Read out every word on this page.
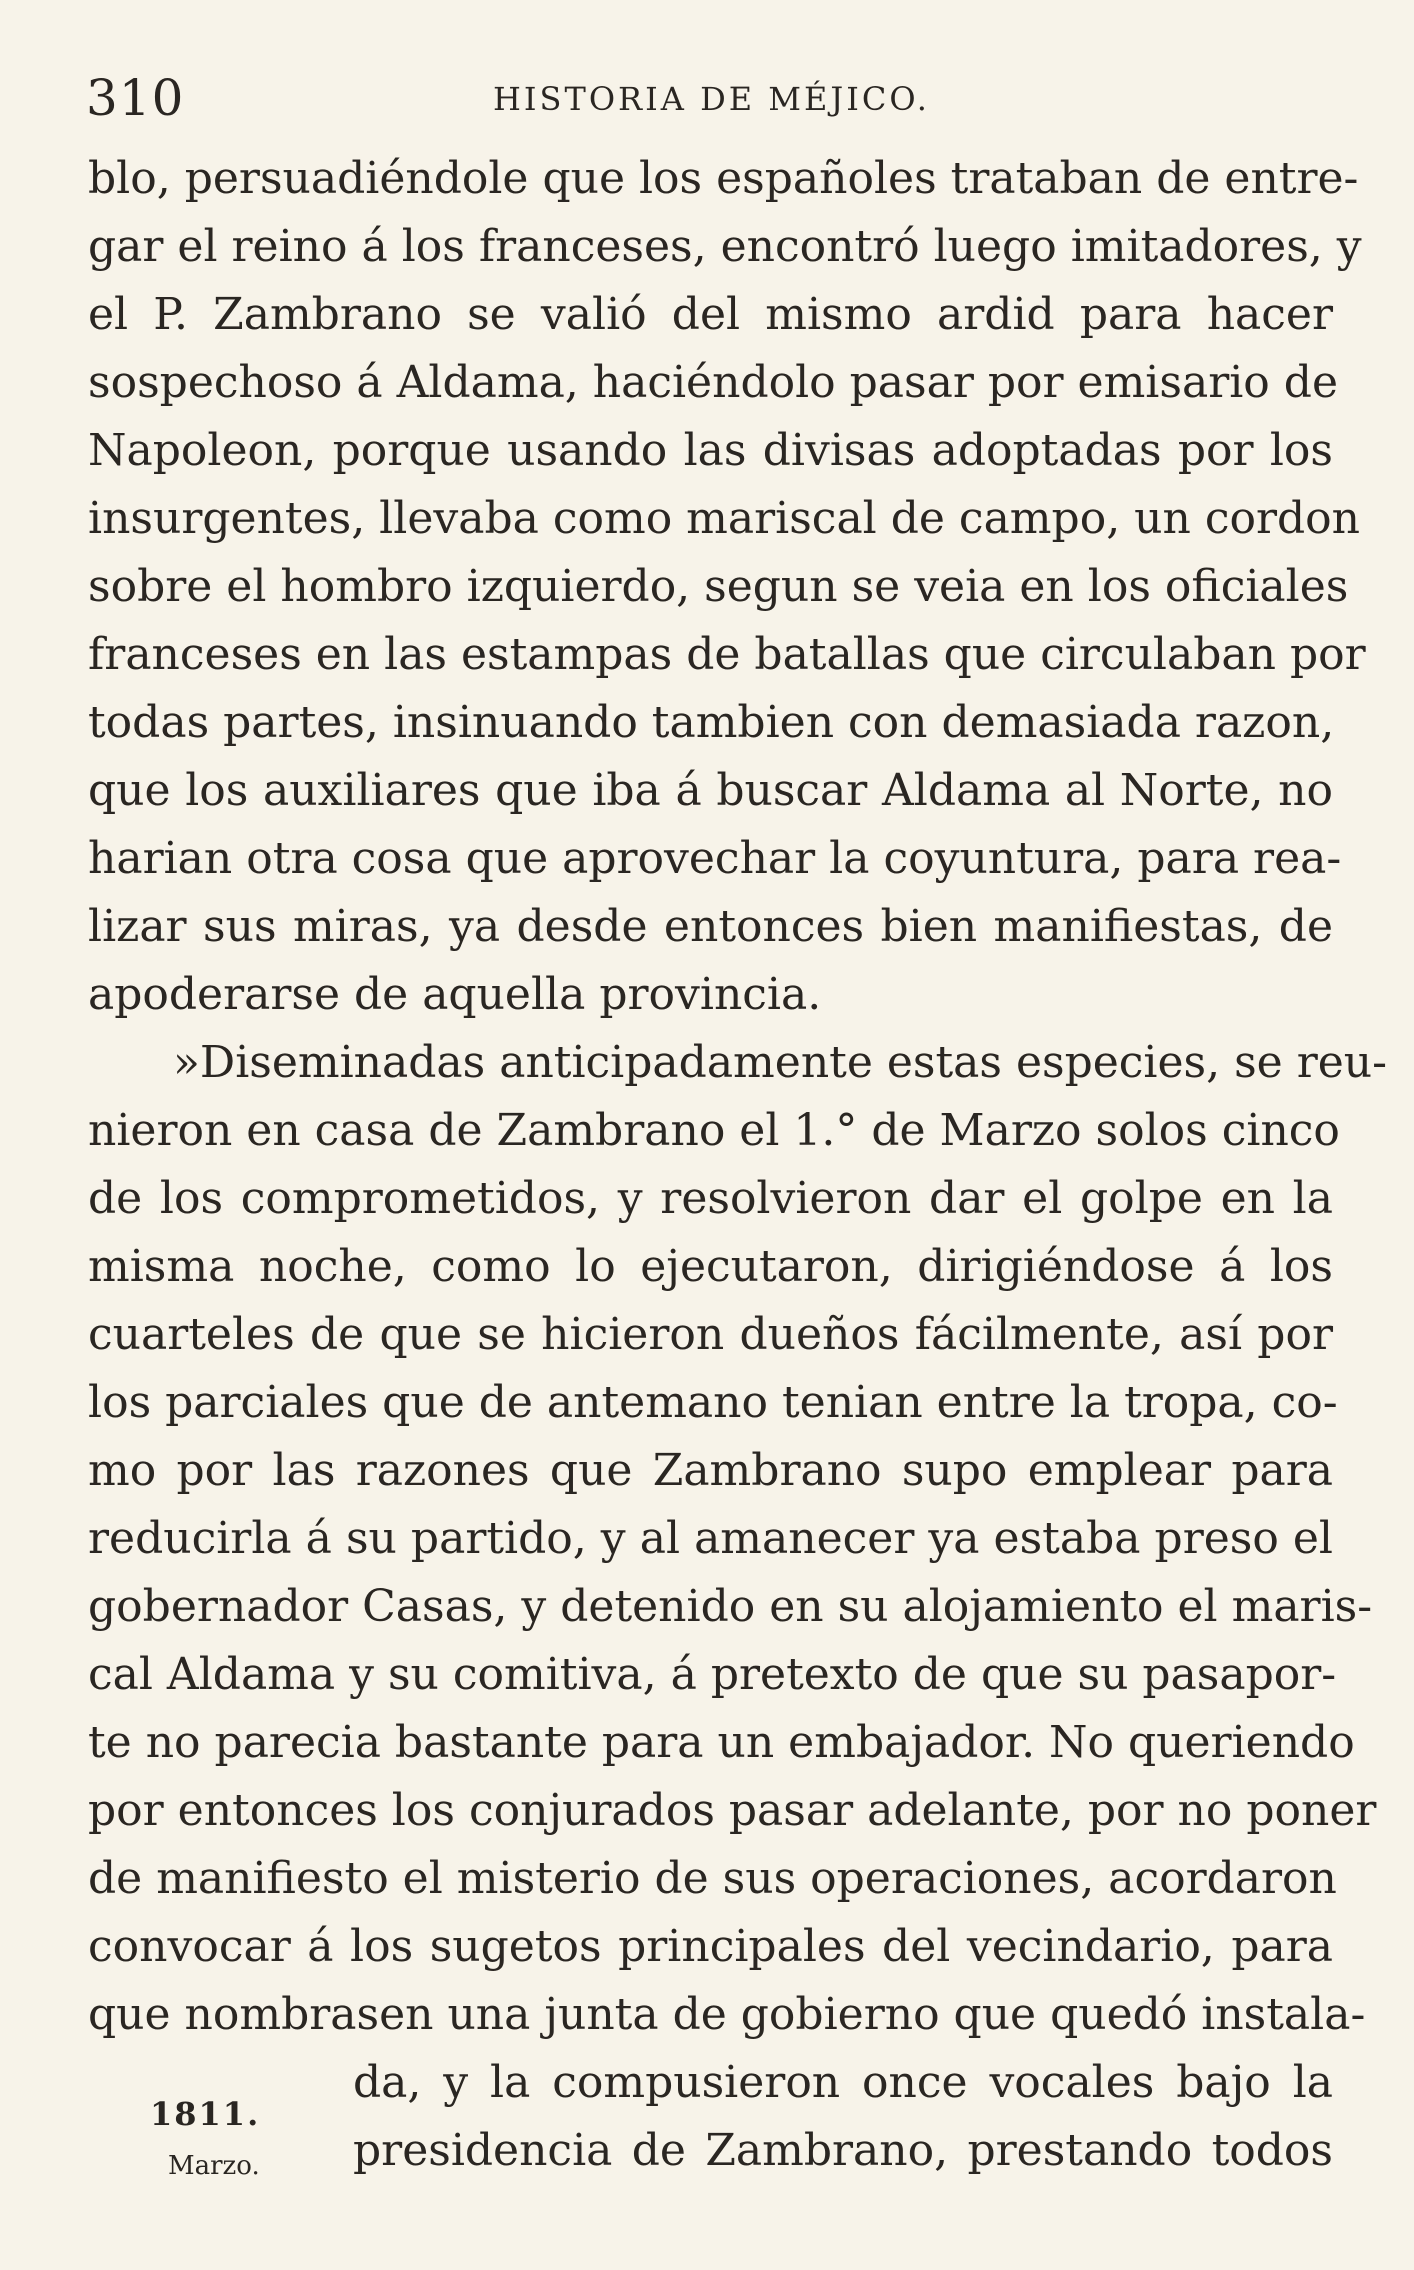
310	HISTORIA DE MÉJICO.
blo, persuadiéndole que los españoles trataban de entre-
gar el reino á los franceses, encontró luego imitadores, y
el P. Zambrano se valió del mismo ardid para hacer
sospechoso á Aldama, haciéndolo pasar por emisario de
Napoleon, porque usando las divisas adoptadas por los
insurgentes, llevaba como mariscal de campo, un cordon
sobre el hombro izquierdo, segun se veia en los oficiales
franceses en las estampas de batallas que circulaban por
todas partes, insinuando tambien con demasiada razon,
que los auxiliares que iba á buscar Aldama al Norte, no
harian otra cosa que aprovechar la coyuntura, para rea-
lizar sus miras, ya desde entonces bien manifiestas, de
apoderarse de aquella provincia.
»Diseminadas anticipadamente estas especies, se reu-
nieron en casa de Zambrano el 1.° de Marzo solos cinco
de los comprometidos, y resolvieron dar el golpe en la
misma noche, como lo ejecutaron, dirigiéndose á los
cuarteles de que se hicieron dueños fácilmente, así por
los parciales que de antemano tenian entre la tropa, co-
mo por las razones que Zambrano supo emplear para
reducirla á su partido, y al amanecer ya estaba preso el
gobernador Casas, y detenido en su alojamiento el maris-
cal Aldama y su comitiva, á pretexto de que su pasapor-
te no parecia bastante para un embajador. No queriendo
por entonces los conjurados pasar adelante, por no poner
de manifiesto el misterio de sus operaciones, acordaron
convocar á los sugetos principales del vecindario, para
que nombrasen una junta de gobierno que quedó instala-
da, y la compusieron once vocales bajo la
presidencia de Zambrano, prestando todos
1811.
Marzo.
